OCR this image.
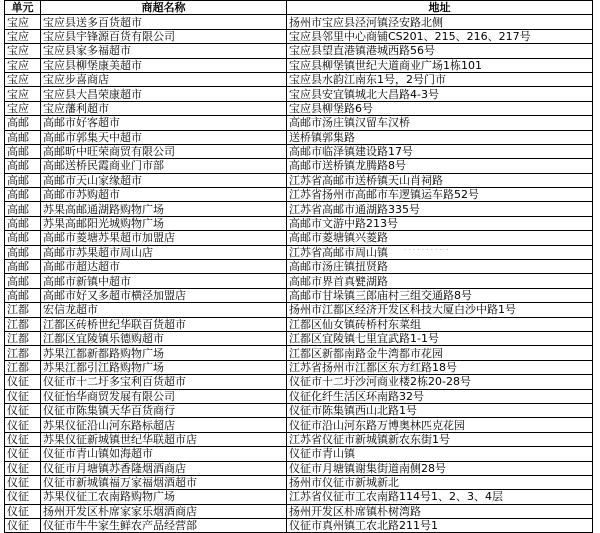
单元	商超名称	地址
宝应	宝应县送多百货超市	扬州市宝应县泾河镇泾安路北侧
宝应	宝应县宇锋源百货有限公司	宝应县邻里中心商铺CS201、215、216、217号
宝应	宝应县家多福超市	宝应县望直港镇港城西路56号
宝应	宝应县柳堡康美超市	宝应县柳堡镇世纪大道商业广场1栋101
宝应	宝应步喜商店	宝应县水韵江南东1号，2号门市
宝应	宝应县大昌荣康超市	宝应县安宜镇城北大昌路4-3号
宝应	宝应藩利超市	宝应县柳堡路6号
高邮	高邮市好客超市	高邮市汤庄镇汉留车汉桥
高邮	高邮市郭集天中超市	送桥镇郭集路
高邮	高邮昕中旺荣商贸有限公司	高邮市临泽镇建设路17号
高邮	高邮送桥民霞商业门市部	高邮市送桥镇龙腾路8号
高邮	高邮市天山家缘超市	江苏省高邮市送桥镇天山肖祠路
高邮	高邮市苏购超市	江苏省扬州市高邮市车逻镇运车路52号
高邮	苏果高邮通湖路购物广场	江苏省高邮市通湖路335号
高邮	苏果高邮阳光城购物广场	高邮市文游中路213号
高邮	高邮市菱塘苏果超市加盟店	高邮市菱塘镇兴菱路
高邮	高邮市苏果超市周山店	江苏省高邮市周山镇
高邮	高邮市超达超市	高邮市汤庄镇扭贤路
高邮	高邮市新镇中超市	高邮市界首真甓湖路
高邮	高邮市好又多超市横泾加盟店	高邮市甘垛镇三郎庙村三组交通路8号
江都	宏信龙超市	扬州市江都区经济开发区科技大厦白沙中路1号
江都	江都区砖桥世纪华联百货超市	江都区仙女镇砖桥村东菜组
江都	江都区宜陵镇乐德购超市	江都区宜陵镇七里宜武路1-1号
江都	苏果江都新都路购物广场	江都区新都南路金牛湾都市花园
江都	苏果江都引江路购物广场	江苏省扬州市江都区东方红路18号
仪征	仪征市十二圩多宝利百货超市	仪征市十二圩沙河商业楼2栋20-28号
仪征	仪征怡华商贸发展有限公司	仪征化纤生活区环南路32号
仪征	仪征市陈集镇天华百货商行	仪征市陈集镇西山北路1号
仪征	苏果仪征沿山河东路标超店	仪征市沿山河东路万博奥林匹克花园
仪征	苏果仪征新城镇世纪华联超市店	江苏省仪征市新城镇新农东街1号
仪征	仪征市青山镇如海超市	仪征市青山镇
仪征	仪征市月塘镇苏香隆烟酒商店	仪征市月塘镇谢集街道南侧28号
仪征	仪征市新城镇福万家福烟酒超市	扬州市仪征市新城新北
仪征	苏果仪征工农南路购物广场	江苏省仪征市工农南路114号1、2、3、4层
仪征	扬州开发区朴席家家乐烟酒商店	扬州开发区朴席镇朴树湾路
仪征	仪征市牛牛家生鲜农产品经营部	仪征市真州镇工农北路211号1
· · · · · · · · ·· ·
